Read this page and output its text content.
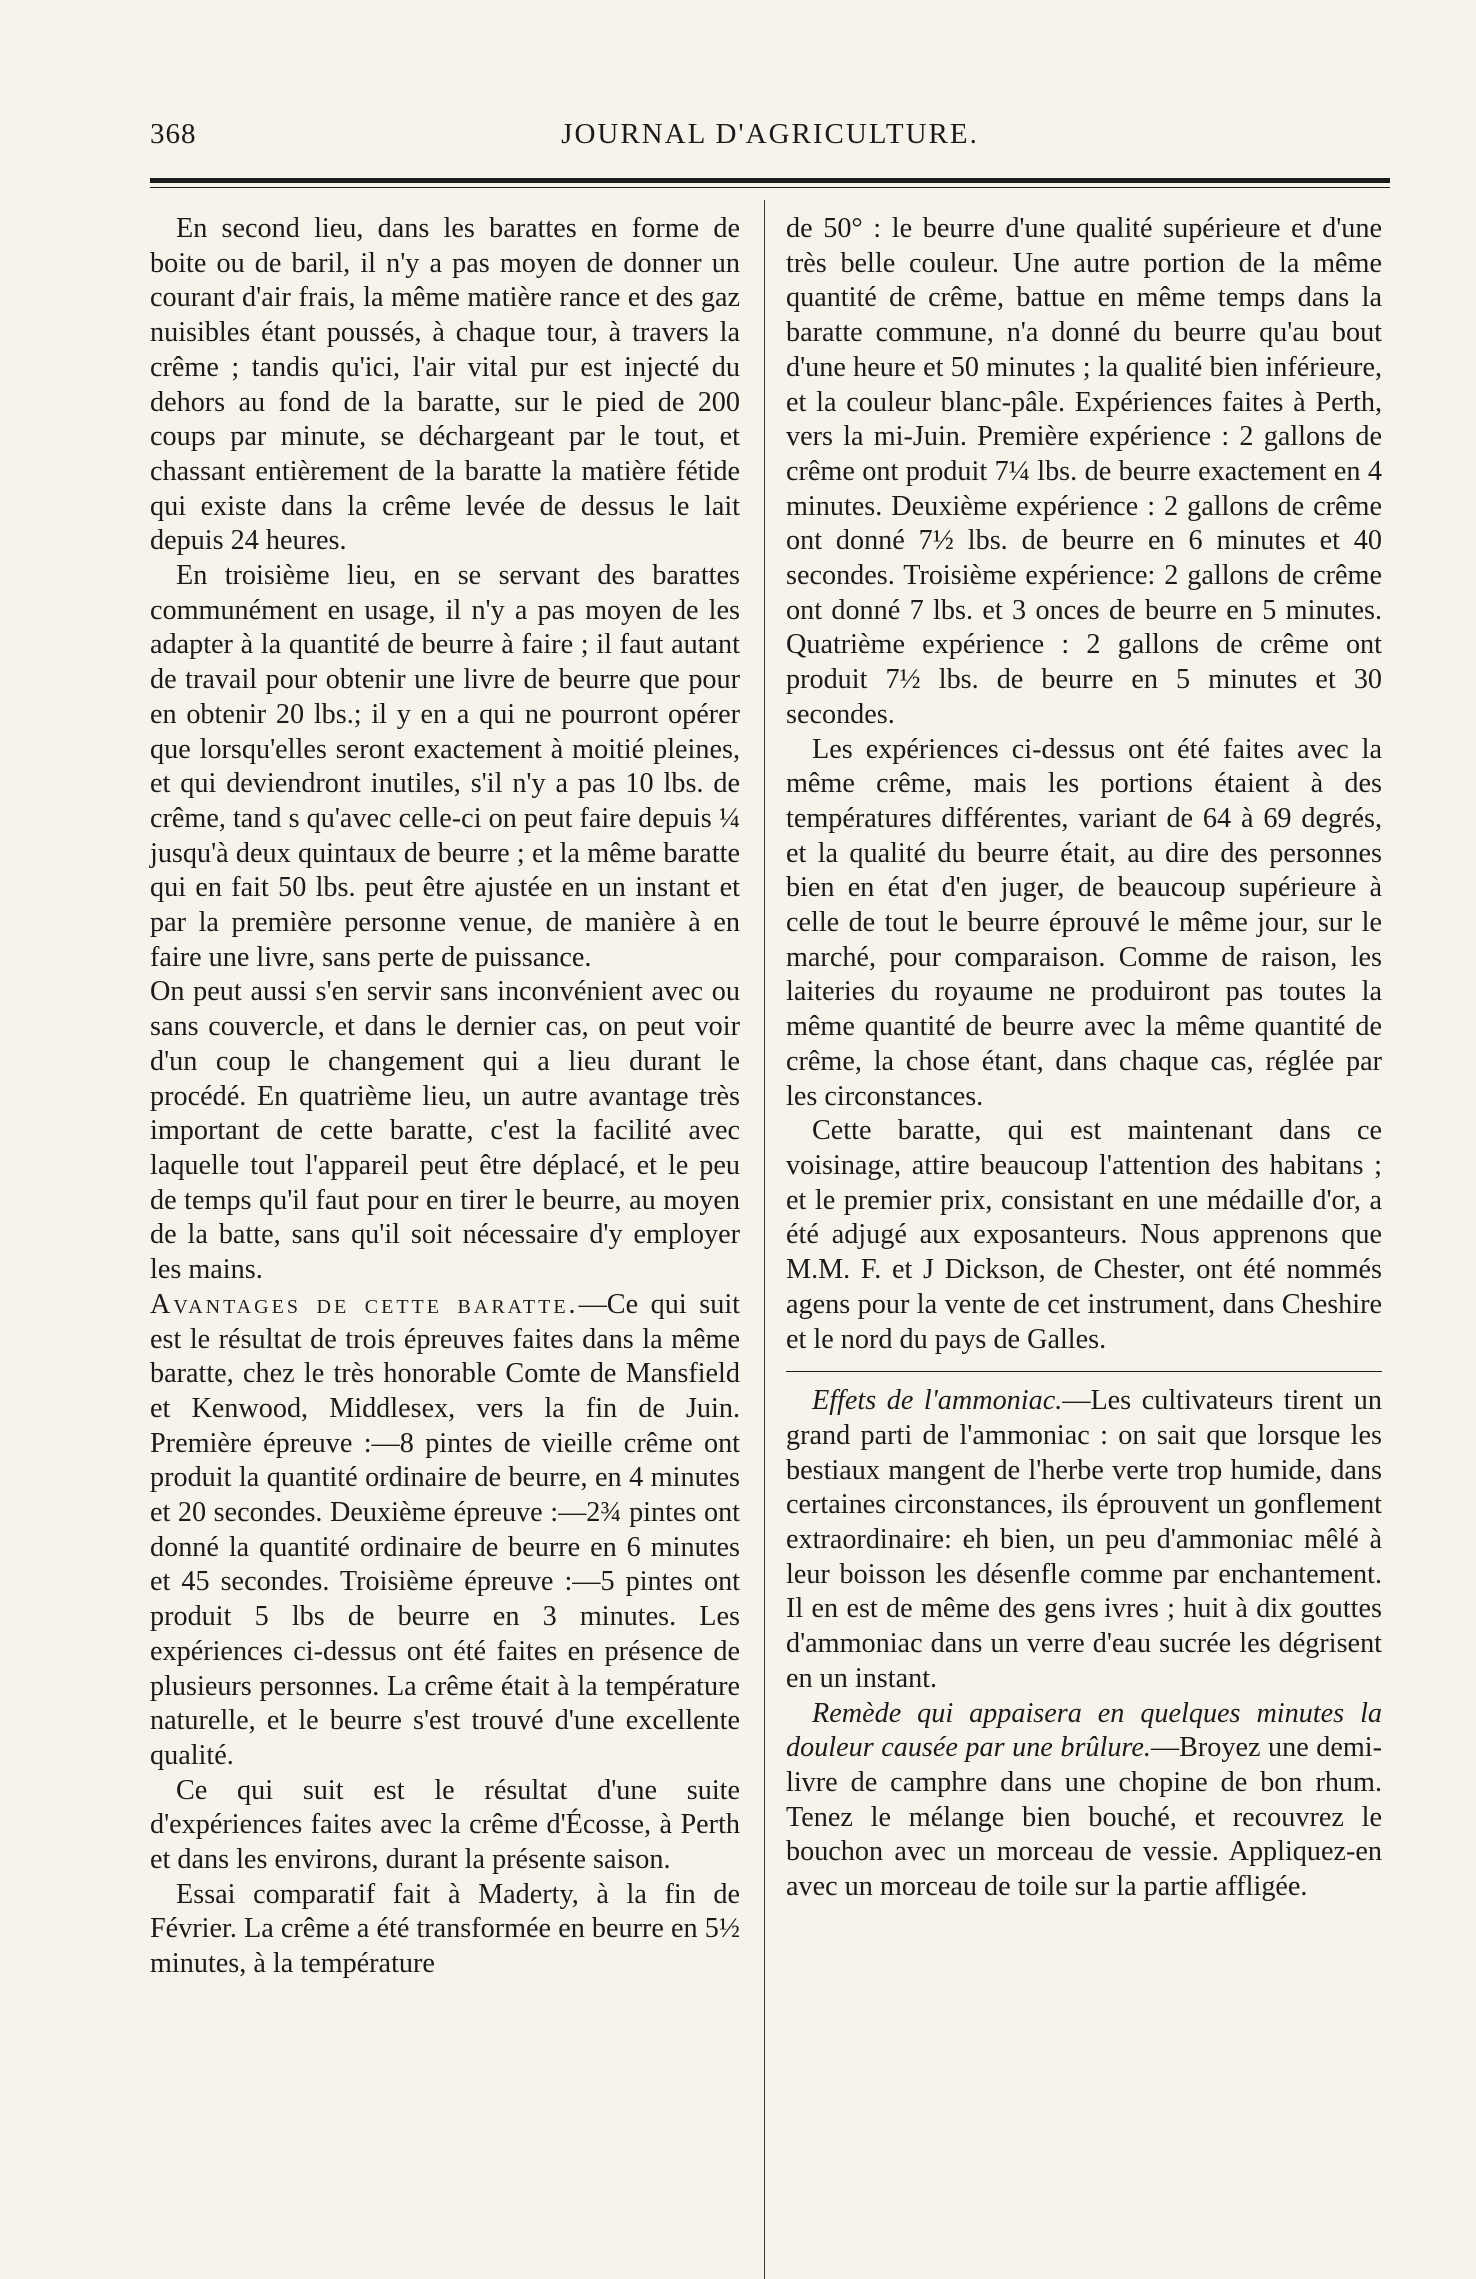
368	JOURNAL D'AGRICULTURE.

En second lieu, dans les barattes en forme de boite ou de baril, il n'y a pas moyen de donner un courant d'air frais, la même matière rance et des gaz nuisibles étant poussés, à chaque tour, à travers la crême ; tandis qu'ici, l'air vital pur est injecté du dehors au fond de la baratte, sur le pied de 200 coups par minute, se déchargeant par le tout, et chassant entièrement de la baratte la matière fétide qui existe dans la crême levée de dessus le lait depuis 24 heures.

En troisième lieu, en se servant des barattes communément en usage, il n'y a pas moyen de les adapter à la quantité de beurre à faire ; il faut autant de travail pour obtenir une livre de beurre que pour en obtenir 20 lbs.; il y en a qui ne pourront opérer que lorsqu'elles seront exactement à moitié pleines, et qui deviendront inutiles, s'il n'y a pas 10 lbs. de crême, tand s qu'avec celle-ci on peut faire depuis ¼ jusqu'à deux quintaux de beurre ; et la même baratte qui en fait 50 lbs. peut être ajustée en un instant et par la première personne venue, de manière à en faire une livre, sans perte de puissance.

On peut aussi s'en servir sans inconvénient avec ou sans couvercle, et dans le dernier cas, on peut voir d'un coup le changement qui a lieu durant le procédé. En quatrième lieu, un autre avantage très important de cette baratte, c'est la facilité avec laquelle tout l'appareil peut être déplacé, et le peu de temps qu'il faut pour en tirer le beurre, au moyen de la batte, sans qu'il soit nécessaire d'y employer les mains.

Avantages de cette baratte.—Ce qui suit est le résultat de trois épreuves faites dans la même baratte, chez le très honorable Comte de Mansfield et Kenwood, Middlesex, vers la fin de Juin. Première épreuve :—8 pintes de vieille crême ont produit la quantité ordinaire de beurre, en 4 minutes et 20 secondes. Deuxième épreuve :—2¾ pintes ont donné la quantité ordinaire de beurre en 6 minutes et 45 secondes. Troisième épreuve :—5 pintes ont produit 5 lbs de beurre en 3 minutes. Les expériences ci-dessus ont été faites en présence de plusieurs personnes. La crême était à la température naturelle, et le beurre s'est trouvé d'une excellente qualité.

Ce qui suit est le résultat d'une suite d'expériences faites avec la crême d'Écosse, à Perth et dans les environs, durant la présente saison.

Essai comparatif fait à Maderty, à la fin de Février. La crême a été transformée en beurre en 5½ minutes, à la température

de 50° : le beurre d'une qualité supérieure et d'une très belle couleur. Une autre portion de la même quantité de crême, battue en même temps dans la baratte commune, n'a donné du beurre qu'au bout d'une heure et 50 minutes ; la qualité bien inférieure, et la couleur blanc-pâle. Expériences faites à Perth, vers la mi-Juin. Première expérience : 2 gallons de crême ont produit 7¼ lbs. de beurre exactement en 4 minutes. Deuxième expérience : 2 gallons de crême ont donné 7½ lbs. de beurre en 6 minutes et 40 secondes. Troisième expérience: 2 gallons de crême ont donné 7 lbs. et 3 onces de beurre en 5 minutes. Quatrième expérience : 2 gallons de crême ont produit 7½ lbs. de beurre en 5 minutes et 30 secondes.

Les expériences ci-dessus ont été faites avec la même crême, mais les portions étaient à des températures différentes, variant de 64 à 69 degrés, et la qualité du beurre était, au dire des personnes bien en état d'en juger, de beaucoup supérieure à celle de tout le beurre éprouvé le même jour, sur le marché, pour comparaison. Comme de raison, les laiteries du royaume ne produiront pas toutes la même quantité de beurre avec la même quantité de crême, la chose étant, dans chaque cas, réglée par les circonstances.

Cette baratte, qui est maintenant dans ce voisinage, attire beaucoup l'attention des habitans ; et le premier prix, consistant en une médaille d'or, a été adjugé aux exposanteurs. Nous apprenons que M.M. F. et J Dickson, de Chester, ont été nommés agens pour la vente de cet instrument, dans Cheshire et le nord du pays de Galles.

Effets de l'ammoniac.—Les cultivateurs tirent un grand parti de l'ammoniac : on sait que lorsque les bestiaux mangent de l'herbe verte trop humide, dans certaines circonstances, ils éprouvent un gonflement extraordinaire: eh bien, un peu d'ammoniac mêlé à leur boisson les désenfle comme par enchantement. Il en est de même des gens ivres ; huit à dix gouttes d'ammoniac dans un verre d'eau sucrée les dégrisent en un instant.

Remède qui appaisera en quelques minutes la douleur causée par une brûlure.—Broyez une demi-livre de camphre dans une chopine de bon rhum. Tenez le mélange bien bouché, et recouvrez le bouchon avec un morceau de vessie. Appliquez-en avec un morceau de toile sur la partie affligée.
